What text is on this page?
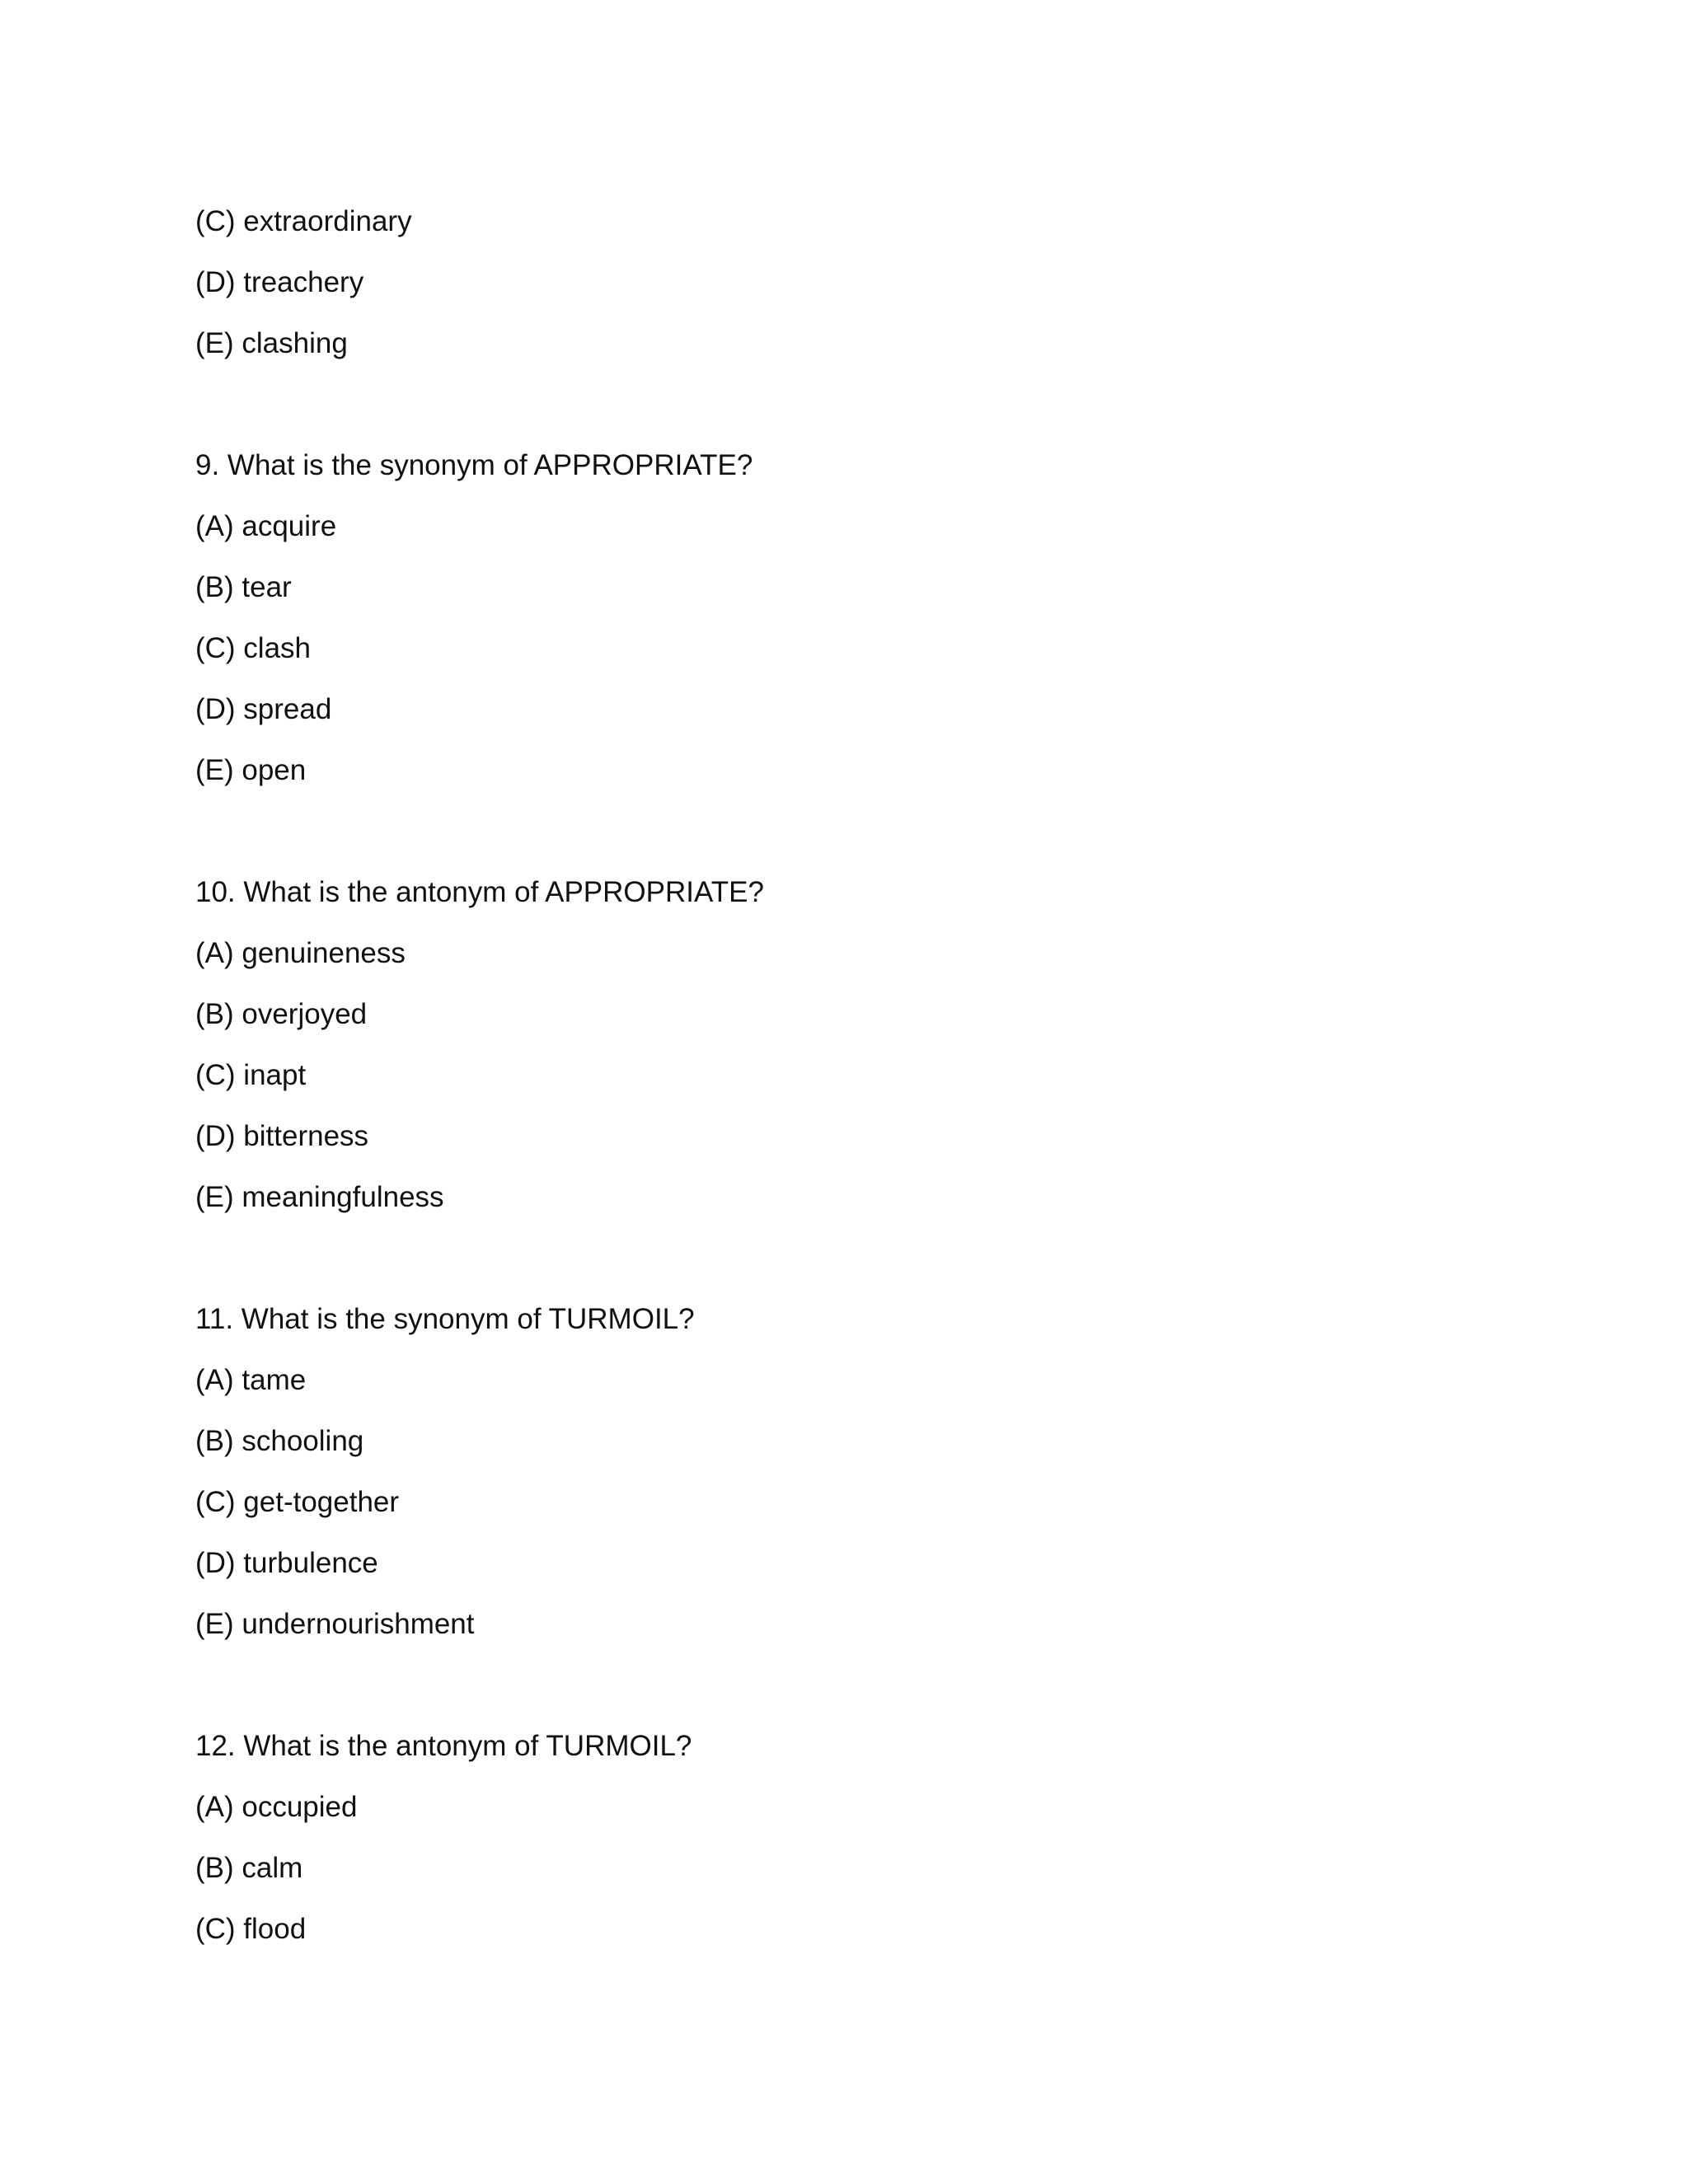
(C) extraordinary
(D) treachery
(E) clashing
9. What is the synonym of APPROPRIATE?
(A) acquire
(B) tear
(C) clash
(D) spread
(E) open
10. What is the antonym of APPROPRIATE?
(A) genuineness
(B) overjoyed
(C) inapt
(D) bitterness
(E) meaningfulness
11. What is the synonym of TURMOIL?
(A) tame
(B) schooling
(C) get-together
(D) turbulence
(E) undernourishment
12. What is the antonym of TURMOIL?
(A) occupied
(B) calm
(C) flood
